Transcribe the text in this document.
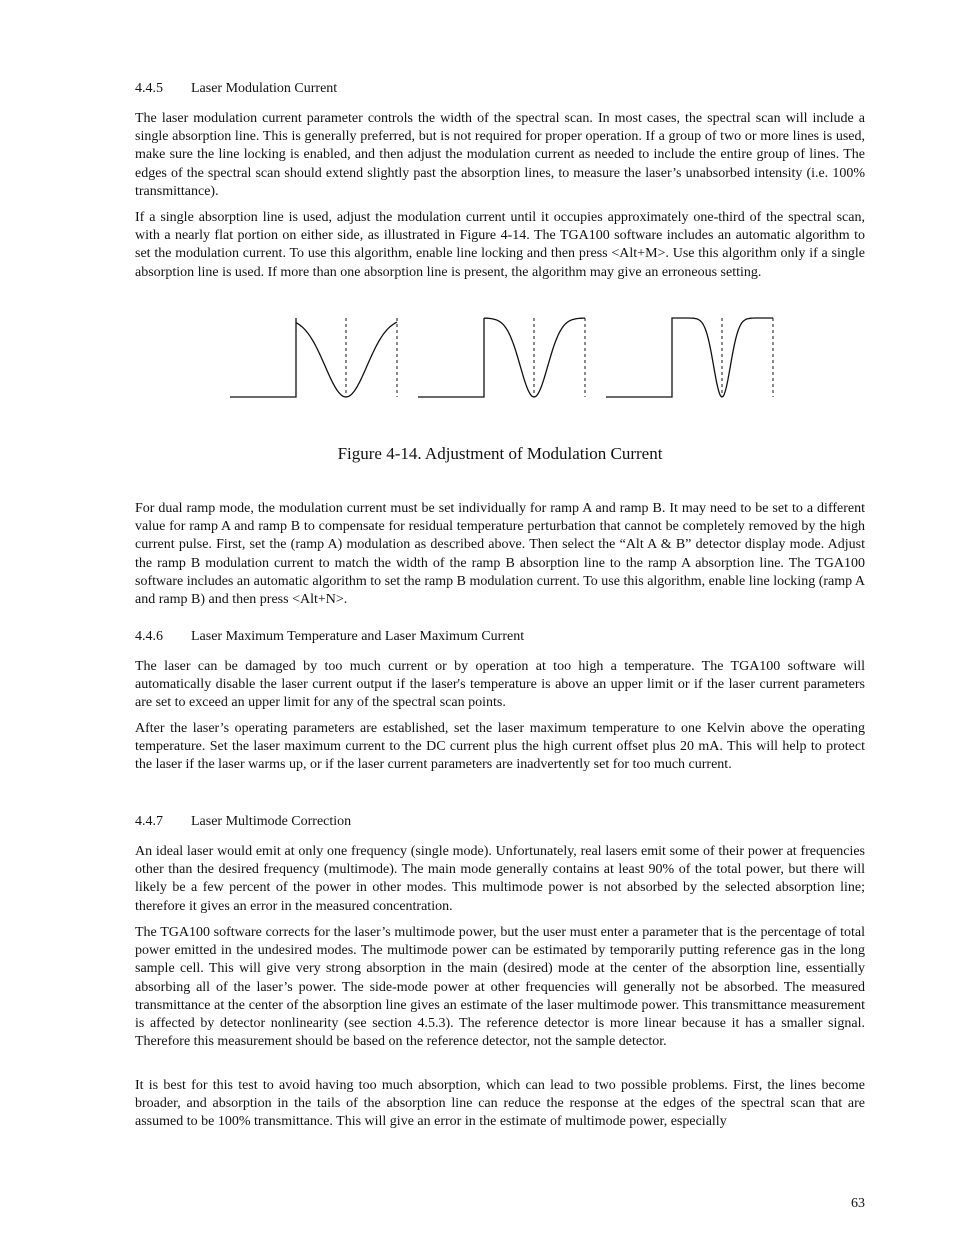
4.4.5 Laser Modulation Current

The laser modulation current parameter controls the width of the spectral scan. In most cases, the spectral scan will include a single absorption line. This is generally preferred, but is not required for proper operation. If a group of two or more lines is used, make sure the line locking is enabled, and then adjust the modulation current as needed to include the entire group of lines. The edges of the spectral scan should extend slightly past the absorption lines, to measure the laser’s unabsorbed intensity (i.e. 100% transmittance).

If a single absorption line is used, adjust the modulation current until it occupies approximately one-third of the spectral scan, with a nearly flat portion on either side, as illustrated in Figure 4-14. The TGA100 software includes an automatic algorithm to set the modulation current. To use this algorithm, enable line locking and then press <Alt+M>. Use this algorithm only if a single absorption line is used. If more than one absorption line is present, the algorithm may give an erroneous setting.

Figure 4-14. Adjustment of Modulation Current

For dual ramp mode, the modulation current must be set individually for ramp A and ramp B. It may need to be set to a different value for ramp A and ramp B to compensate for residual temperature perturbation that cannot be completely removed by the high current pulse. First, set the (ramp A) modulation as described above. Then select the “Alt A & B” detector display mode. Adjust the ramp B modulation current to match the width of the ramp B absorption line to the ramp A absorption line. The TGA100 software includes an automatic algorithm to set the ramp B modulation current. To use this algorithm, enable line locking (ramp A and ramp B) and then press <Alt+N>.

4.4.6 Laser Maximum Temperature and Laser Maximum Current

The laser can be damaged by too much current or by operation at too high a temperature. The TGA100 software will automatically disable the laser current output if the laser's temperature is above an upper limit or if the laser current parameters are set to exceed an upper limit for any of the spectral scan points.

After the laser’s operating parameters are established, set the laser maximum temperature to one Kelvin above the operating temperature. Set the laser maximum current to the DC current plus the high current offset plus 20 mA. This will help to protect the laser if the laser warms up, or if the laser current parameters are inadvertently set for too much current.

4.4.7 Laser Multimode Correction

An ideal laser would emit at only one frequency (single mode). Unfortunately, real lasers emit some of their power at frequencies other than the desired frequency (multimode). The main mode generally contains at least 90% of the total power, but there will likely be a few percent of the power in other modes. This multimode power is not absorbed by the selected absorption line; therefore it gives an error in the measured concentration.

The TGA100 software corrects for the laser’s multimode power, but the user must enter a parameter that is the percentage of total power emitted in the undesired modes. The multimode power can be estimated by temporarily putting reference gas in the long sample cell. This will give very strong absorption in the main (desired) mode at the center of the absorption line, essentially absorbing all of the laser’s power. The side-mode power at other frequencies will generally not be absorbed. The measured transmittance at the center of the absorption line gives an estimate of the laser multimode power. This transmittance measurement is affected by detector nonlinearity (see section 4.5.3). The reference detector is more linear because it has a smaller signal. Therefore this measurement should be based on the reference detector, not the sample detector.

It is best for this test to avoid having too much absorption, which can lead to two possible problems. First, the lines become broader, and absorption in the tails of the absorption line can reduce the response at the edges of the spectral scan that are assumed to be 100% transmittance. This will give an error in the estimate of multimode power, especially

63
